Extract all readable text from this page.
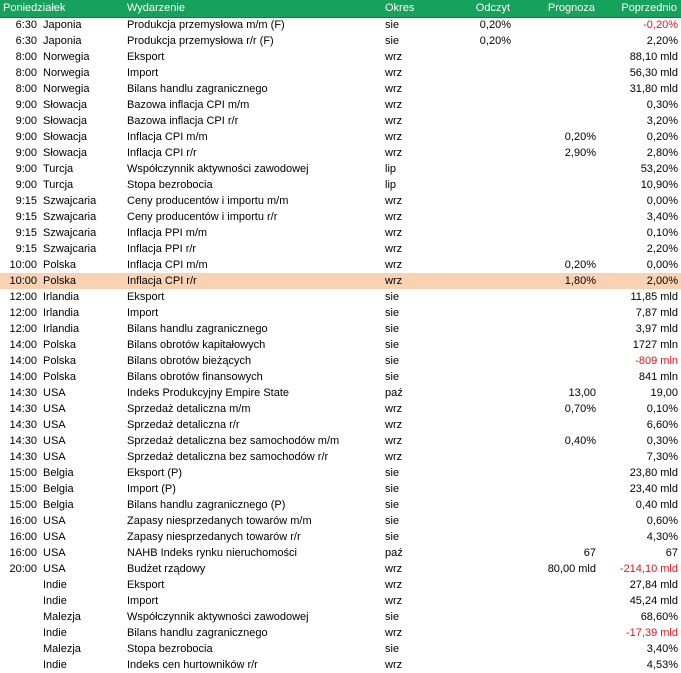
Poniedziałek		Wydarzenie	Okres	Odczyt	Prognoza	Poprzednio
6:30	Japonia	Produkcja przemysłowa m/m (F)	sie	0,20%		-0,20%
6:30	Japonia	Produkcja przemysłowa r/r (F)	sie	0,20%		2,20%
8:00	Norwegia	Eksport	wrz			88,10 mld
8:00	Norwegia	Import	wrz			56,30 mld
8:00	Norwegia	Bilans handlu zagranicznego	wrz			31,80 mld
9:00	Słowacja	Bazowa inflacja CPI m/m	wrz			0,30%
9:00	Słowacja	Bazowa inflacja CPI r/r	wrz			3,20%
9:00	Słowacja	Inflacja CPI m/m	wrz		0,20%	0,20%
9:00	Słowacja	Inflacja CPI r/r	wrz		2,90%	2,80%
9:00	Turcja	Współczynnik aktywności zawodowej	lip			53,20%
9:00	Turcja	Stopa bezrobocia	lip			10,90%
9:15	Szwajcaria	Ceny producentów i importu m/m	wrz			0,00%
9:15	Szwajcaria	Ceny producentów i importu r/r	wrz			3,40%
9:15	Szwajcaria	Inflacja PPI m/m	wrz			0,10%
9:15	Szwajcaria	Inflacja PPI r/r	wrz			2,20%
10:00	Polska	Inflacja CPI m/m	wrz		0,20%	0,00%
10:00	Polska	Inflacja CPI r/r	wrz		1,80%	2,00%
12:00	Irlandia	Eksport	sie			11,85 mld
12:00	Irlandia	Import	sie			7,87 mld
12:00	Irlandia	Bilans handlu zagranicznego	sie			3,97 mld
14:00	Polska	Bilans obrotów kapitałowych	sie			1727 mln
14:00	Polska	Bilans obrotów bieżących	sie			-809 mln
14:00	Polska	Bilans obrotów finansowych	sie			841 mln
14:30	USA	Indeks Produkcyjny Empire State	paź		13,00	19,00
14:30	USA	Sprzedaż detaliczna m/m	wrz		0,70%	0,10%
14:30	USA	Sprzedaż detaliczna r/r	wrz			6,60%
14:30	USA	Sprzedaż detaliczna bez samochodów m/m	wrz		0,40%	0,30%
14:30	USA	Sprzedaż detaliczna bez samochodów r/r	wrz			7,30%
15:00	Belgia	Eksport (P)	sie			23,80 mld
15:00	Belgia	Import (P)	sie			23,40 mld
15:00	Belgia	Bilans handlu zagranicznego (P)	sie			0,40 mld
16:00	USA	Zapasy niesprzedanych towarów m/m	sie			0,60%
16:00	USA	Zapasy niesprzedanych towarów r/r	sie			4,30%
16:00	USA	NAHB Indeks rynku nieruchomości	paź		67	67
20:00	USA	Budżet rządowy	wrz		80,00 mld	-214,10 mld
	Indie	Eksport	wrz			27,84 mld
	Indie	Import	wrz			45,24 mld
	Malezja	Współczynnik aktywności zawodowej	sie			68,60%
	Indie	Bilans handlu zagranicznego	wrz			-17,39 mld
	Malezja	Stopa bezrobocia	sie			3,40%
	Indie	Indeks cen hurtowników r/r	wrz			4,53%
